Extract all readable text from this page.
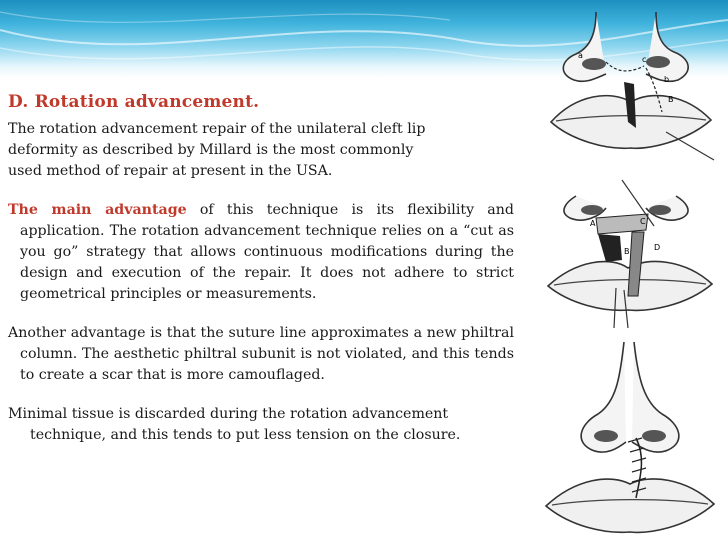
D. Rotation advancement.

The rotation advancement repair of the unilateral cleft lip

deformity as described by Millard is the most commonly

used method of repair at present in the USA.

The main advantage of this technique is its flexibility and application. The rotation advancement technique relies on a “cut as you go” strategy that allows continuous modifications during the design and execution of the repair. It does not adhere to strict geometrical principles or measurements.

Another advantage is that the suture line approximates a new philtral column. The aesthetic philtral subunit is not violated, and this tends to create a scar that is more camouflaged.

Minimal tissue is discarded during the rotation advancement
technique, and this tends to put less tension on the closure.

a	c
b
B
A	C
B	D
